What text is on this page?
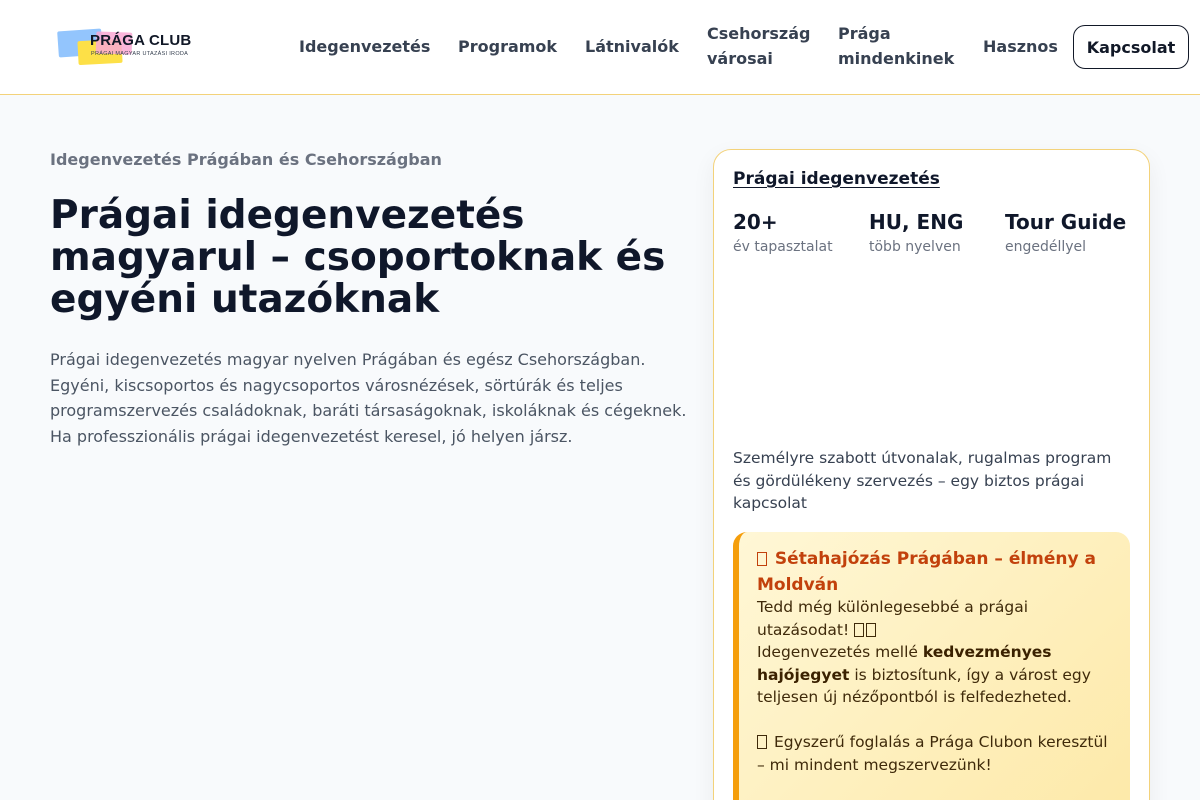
PRÁGA CLUB
PRÁGAI MAGYAR UTAZÁSI IRODA	Idegenvezetés Programok Látnivalók
Csehország
városai
Prága
mindenkinek
Hasznos	Kapcsolat
Idegenvezetés Prágában és Csehországban
Prágai idegenvezetés
magyarul – csoportoknak és
egyéni utazóknak

Prágai idegenvezetés magyar nyelven Prágában és egész Csehországban. Egyéni, kiscsoportos és nagycsoportos városnézések, sörtúrák és teljes programszervezés családoknak, baráti társaságoknak, iskoláknak és cégeknek. Ha professzionális prágai idegenvezetést keresel, jó helyen jársz.

Prágai idegenvezetés
20+
év tapasztalat
HU, ENG
több nyelven
Tour Guide
engedéllyel
Személyre szabott útvonalak, rugalmas program és gördülékeny szervezés – egy biztos prágai kapcsolat
Sétahajózás Prágában – élmény a Moldván
Tedd még különlegesebbé a prágai utazásodat!
Idegenvezetés mellé kedvezményes hajójegyet is biztosítunk, így a várost egy teljesen új nézőpontból is felfedezheted.
Egyszerű foglalás a Prága Clubon keresztül – mi mindent megszervezünk!
